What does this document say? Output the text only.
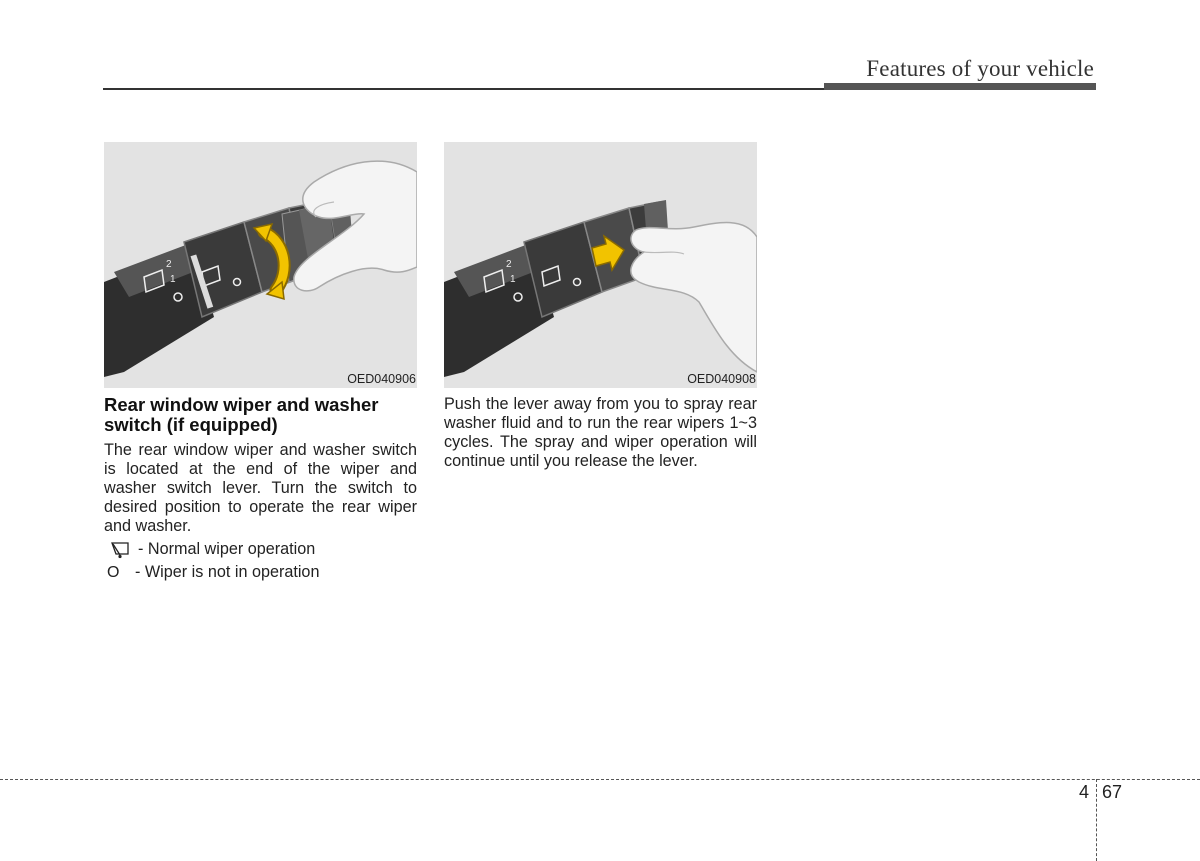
Features of your vehicle
2
1
OED040906
2
1
OED040908
Rear window wiper and washer switch (if equipped)

The rear window wiper and washer switch is located at the end of the wiper and washer switch lever. Turn the switch to desired position to operate the rear wiper and washer.

- Normal wiper operation
O - Wiper is not in operation

Push the lever away from you to spray rear washer fluid and to run the rear wipers 1~3 cycles. The spray and wiper operation will continue until you release the lever.

4 67
